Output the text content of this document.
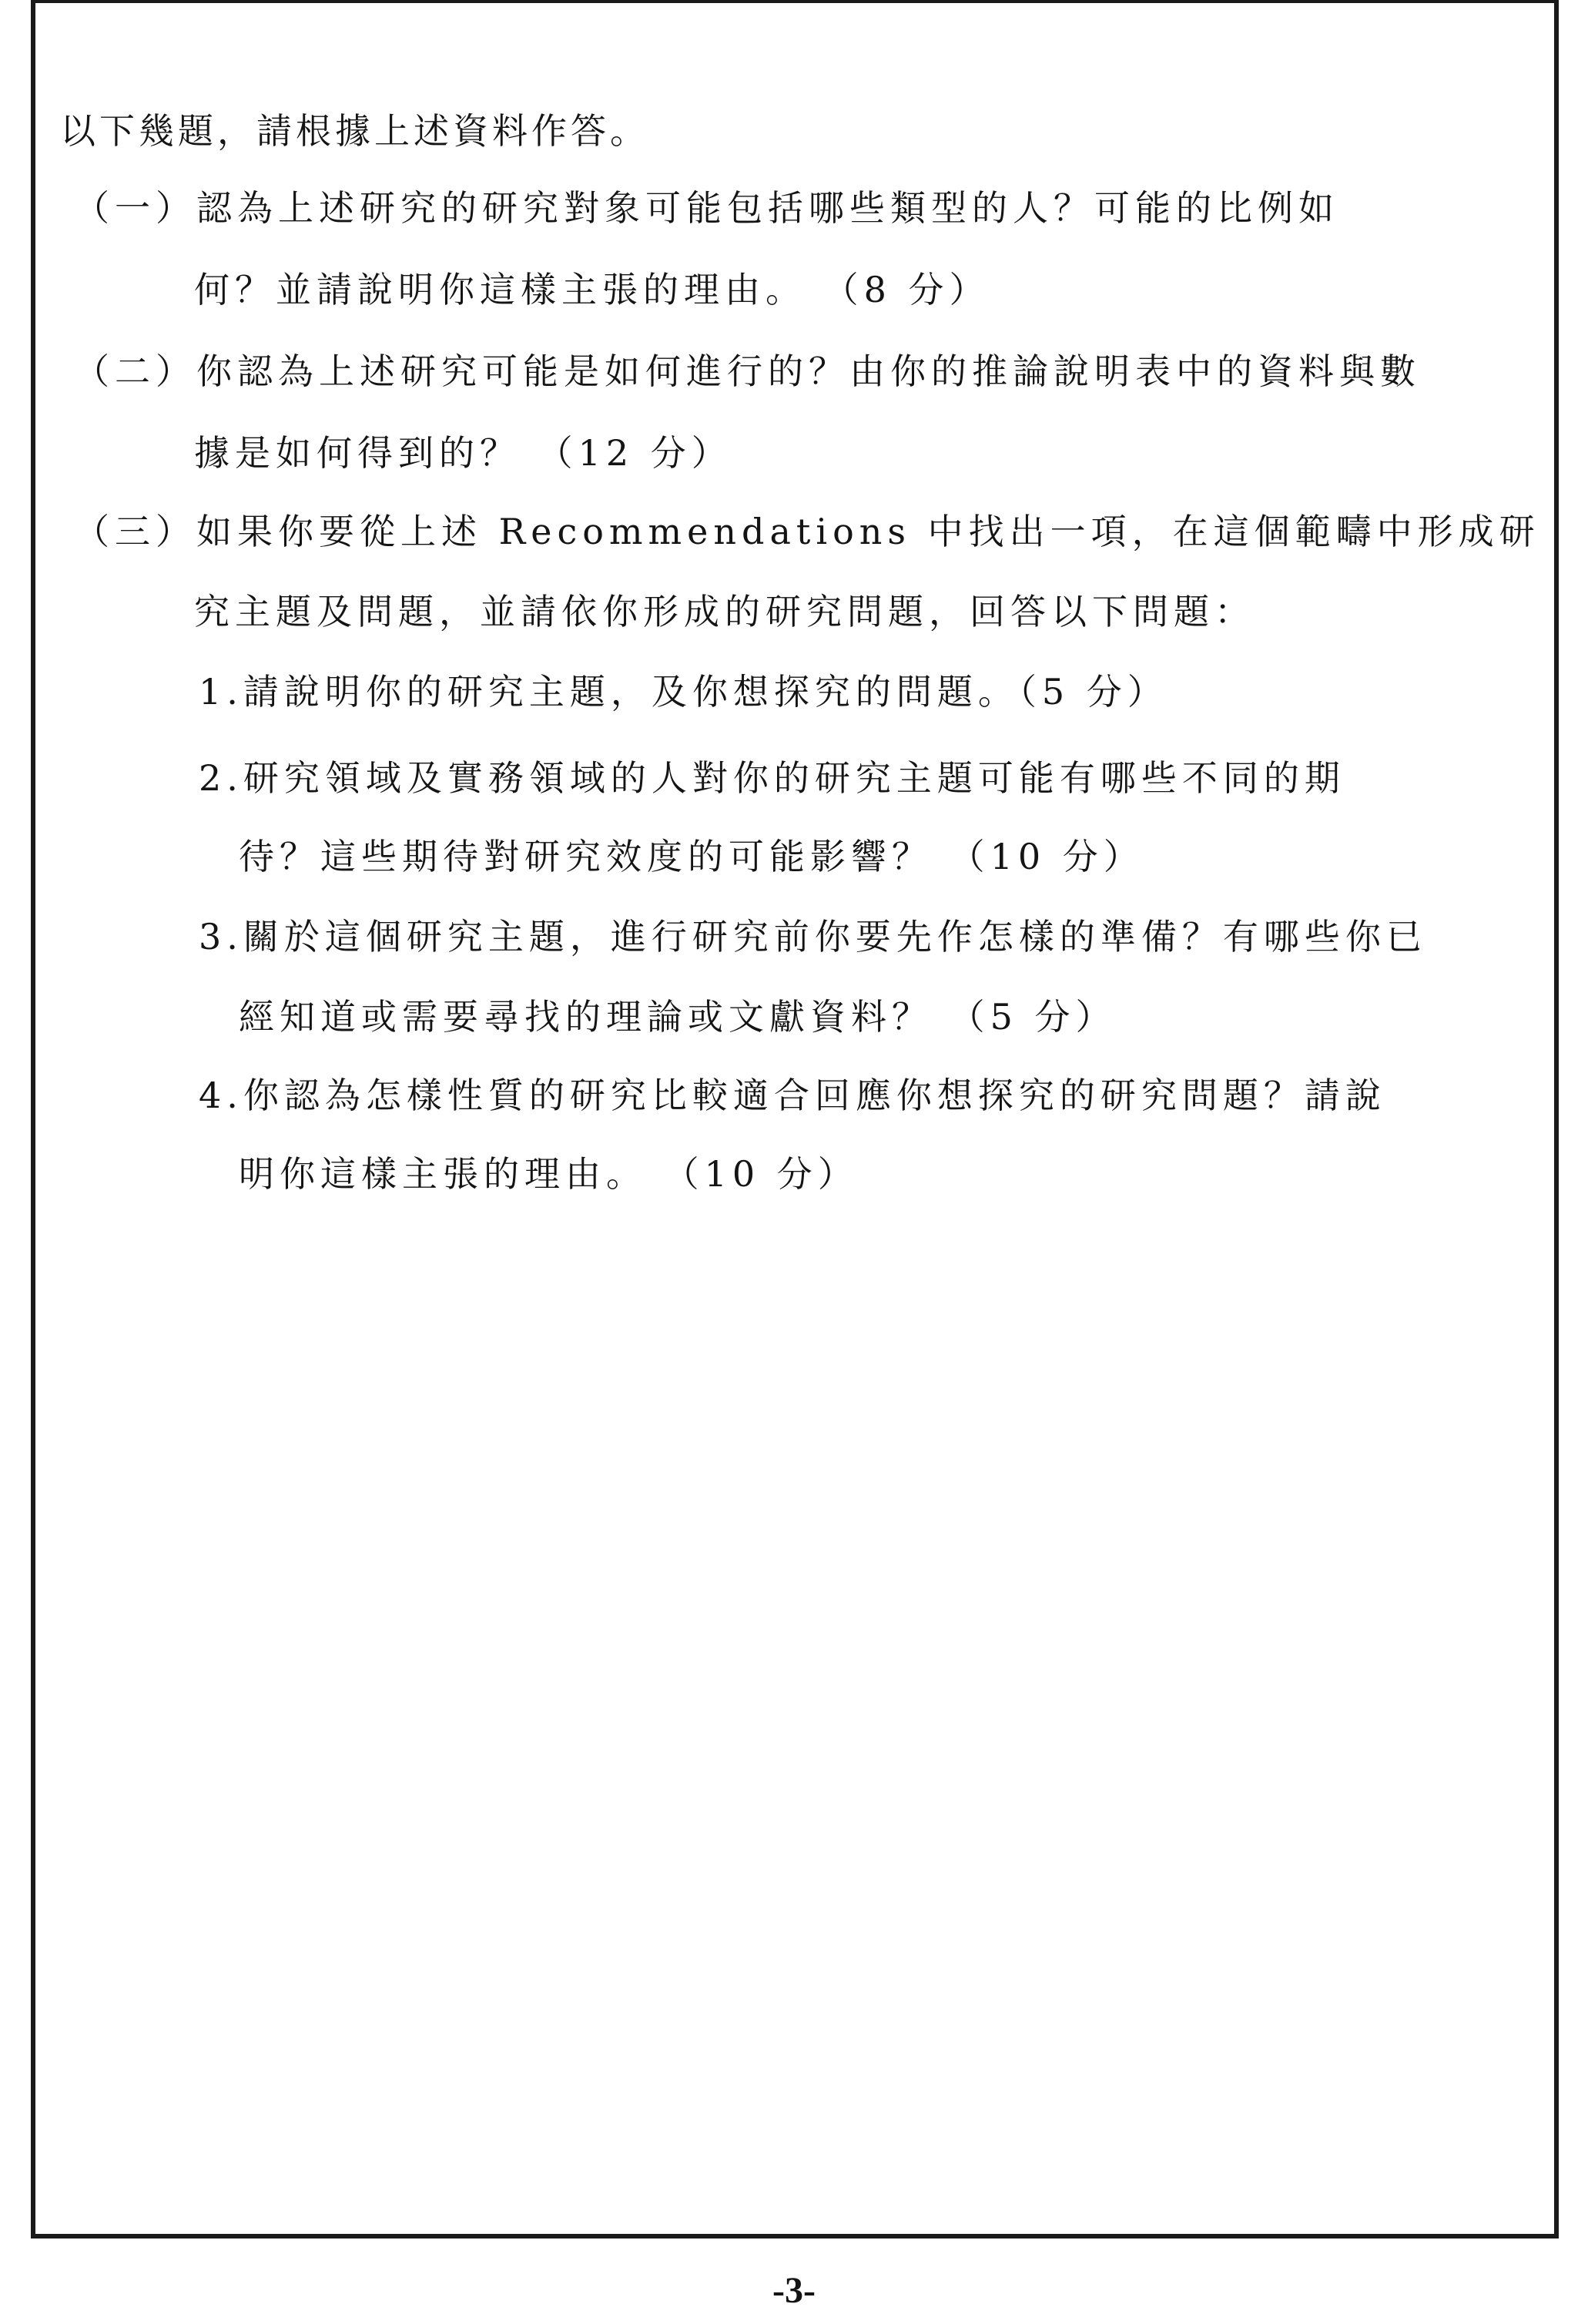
以下幾題，請根據上述資料作答。
（一）認為上述研究的研究對象可能包括哪些類型的人？可能的比例如
何？並請說明你這樣主張的理由。 （8 分）
（二）你認為上述研究可能是如何進行的？由你的推論說明表中的資料與數
據是如何得到的？ （12 分）
（三）如果你要從上述 Recommendations 中找出一項，在這個範疇中形成研
究主題及問題，並請依你形成的研究問題，回答以下問題：
1.請說明你的研究主題，及你想探究的問題。（5 分）
2.研究領域及實務領域的人對你的研究主題可能有哪些不同的期
待？這些期待對研究效度的可能影響？ （10 分）
3.關於這個研究主題，進行研究前你要先作怎樣的準備？有哪些你已
經知道或需要尋找的理論或文獻資料？ （5 分）
4.你認為怎樣性質的研究比較適合回應你想探究的研究問題？請說
明你這樣主張的理由。 （10 分）
-3-
